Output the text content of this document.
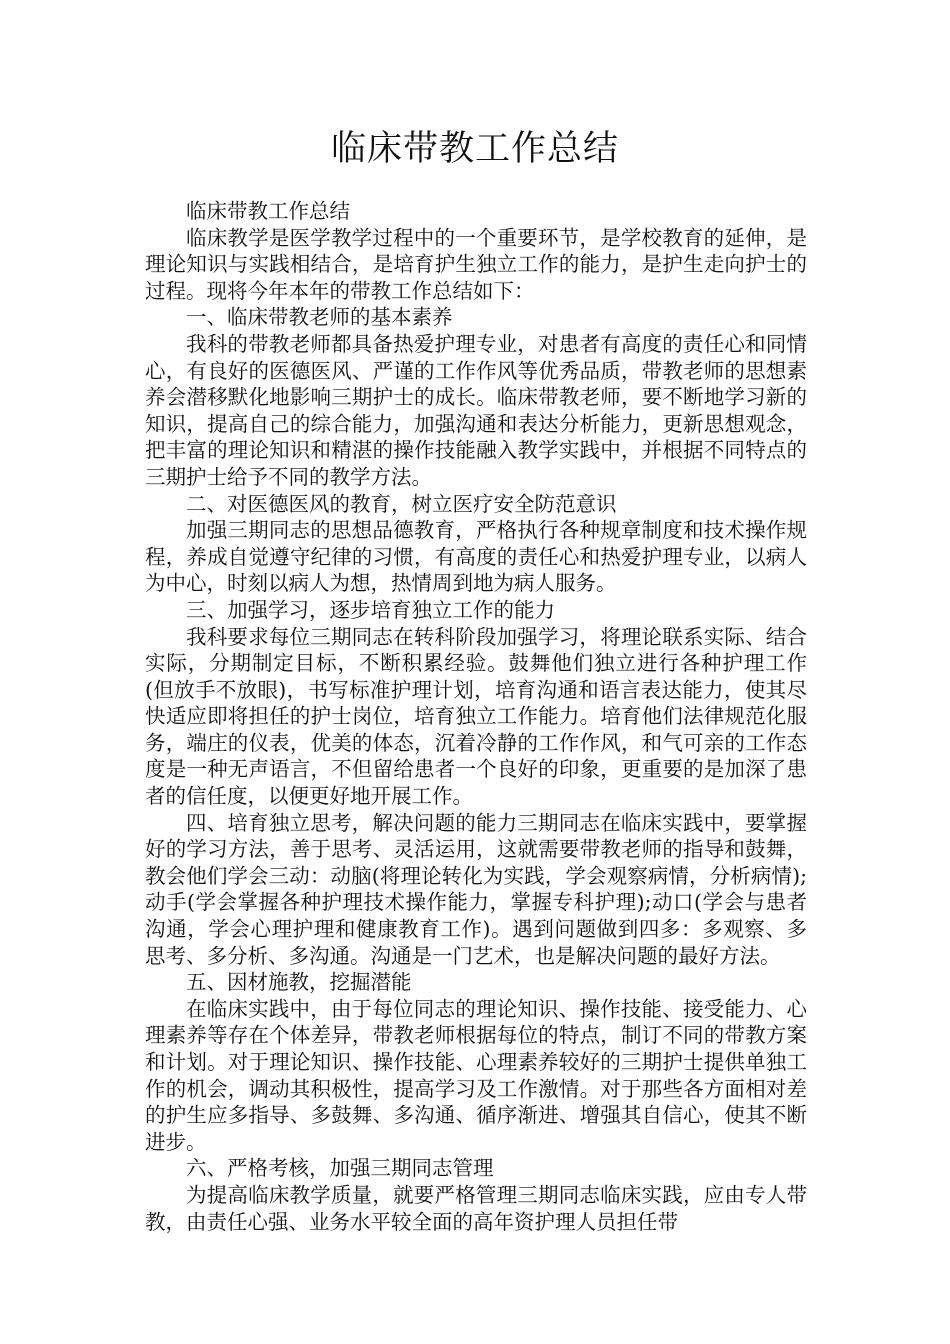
临床带教工作总结

临床带教工作总结

临床教学是医学教学过程中的一个重要环节，是学校教育的延伸，是理论知识与实践相结合，是培育护生独立工作的能力，是护生走向护士的过程。现将今年本年的带教工作总结如下：

一、临床带教老师的基本素养

我科的带教老师都具备热爱护理专业，对患者有高度的责任心和同情心，有良好的医德医风、严谨的工作作风等优秀品质，带教老师的思想素养会潜移默化地影响三期护士的成长。临床带教老师，要不断地学习新的知识，提高自己的综合能力，加强沟通和表达分析能力，更新思想观念，把丰富的理论知识和精湛的操作技能融入教学实践中，并根据不同特点的三期护士给予不同的教学方法。

二、对医德医风的教育，树立医疗安全防范意识

加强三期同志的思想品德教育，严格执行各种规章制度和技术操作规程，养成自觉遵守纪律的习惯，有高度的责任心和热爱护理专业，以病人为中心，时刻以病人为想，热情周到地为病人服务。

三、加强学习，逐步培育独立工作的能力

我科要求每位三期同志在转科阶段加强学习，将理论联系实际、结合实际，分期制定目标，不断积累经验。鼓舞他们独立进行各种护理工作(但放手不放眼)，书写标准护理计划，培育沟通和语言表达能力，使其尽快适应即将担任的护士岗位，培育独立工作能力。培育他们法律规范化服务，端庄的仪表，优美的体态，沉着冷静的工作作风，和气可亲的工作态度是一种无声语言，不但留给患者一个良好的印象，更重要的是加深了患者的信任度，以便更好地开展工作。

四、培育独立思考，解决问题的能力三期同志在临床实践中，要掌握好的学习方法，善于思考、灵活运用，这就需要带教老师的指导和鼓舞，教会他们学会三动：动脑(将理论转化为实践，学会观察病情，分析病情);动手(学会掌握各种护理技术操作能力，掌握专科护理);动口(学会与患者沟通，学会心理护理和健康教育工作)。遇到问题做到四多：多观察、多思考、多分析、多沟通。沟通是一门艺术，也是解决问题的最好方法。

五、因材施教，挖掘潜能

在临床实践中，由于每位同志的理论知识、操作技能、接受能力、心理素养等存在个体差异，带教老师根据每位的特点，制订不同的带教方案和计划。对于理论知识、操作技能、心理素养较好的三期护士提供单独工作的机会，调动其积极性，提高学习及工作激情。对于那些各方面相对差的护生应多指导、多鼓舞、多沟通、循序渐进、增强其自信心，使其不断进步。

六、严格考核，加强三期同志管理

为提高临床教学质量，就要严格管理三期同志临床实践，应由专人带教，由责任心强、业务水平较全面的高年资护理人员担任带
